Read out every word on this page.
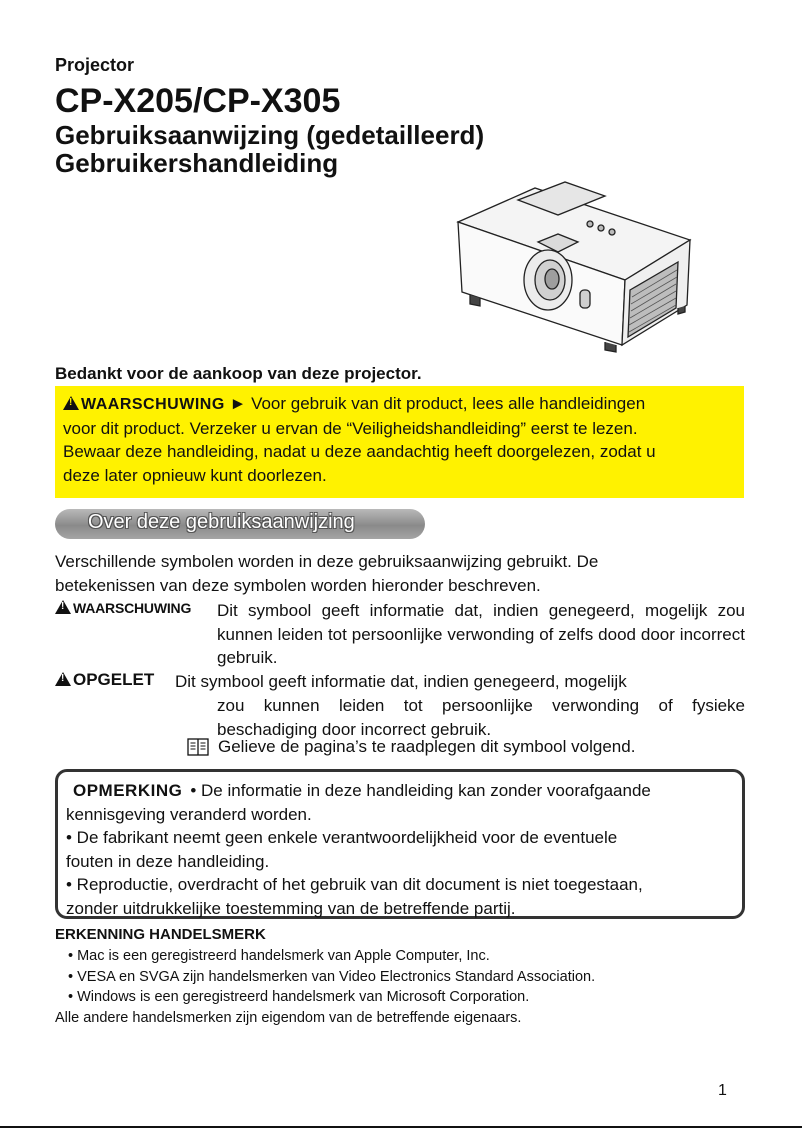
Projector
CP-X205/CP-X305
Gebruiksaanwijzing (gedetailleerd)
Gebruikershandleiding
Bedankt voor de aankoop van deze projector.

!WAARSCHUWING ► Voor gebruik van dit product, lees alle handleidingen

voor dit product. Verzeker u ervan de “Veiligheidshandleiding” eerst te lezen.

Bewaar deze handleiding, nadat u deze aandachtig heeft doorgelezen, zodat u

deze later opnieuw kunt doorlezen.

Over deze gebruiksaanwijzing

Verschillende symbolen worden in deze gebruiksaanwijzing gebruikt. De

betekenissen van deze symbolen worden hieronder beschreven.

!WAARSCHUWING Dit symbool geeft informatie dat, indien genegeerd, mogelijk zou kunnen leiden tot persoonlijke verwonding of zelfs dood door incorrect gebruik.
!OPGELET Dit symbool geeft informatie dat, indien genegeerd, mogelijk
zou kunnen leiden tot persoonlijke verwonding of fysieke beschadiging door incorrect gebruik.
Gelieve de pagina’s te raadplegen dit symbool volgend.

OPMERKING • De informatie in deze handleiding kan zonder voorafgaande

kennisgeving veranderd worden.

• De fabrikant neemt geen enkele verantwoordelijkheid voor de eventuele

fouten in deze handleiding.

• Reproductie, overdracht of het gebruik van dit document is niet toegestaan,

zonder uitdrukkelijke toestemming van de betreffende partij.

ERKENNING HANDELSMERK
• Mac is een geregistreerd handelsmerk van Apple Computer, Inc.
• VESA en SVGA zijn handelsmerken van Video Electronics Standard Association.
• Windows is een geregistreerd handelsmerk van Microsoft Corporation.
Alle andere handelsmerken zijn eigendom van de betreffende eigenaars.
1
